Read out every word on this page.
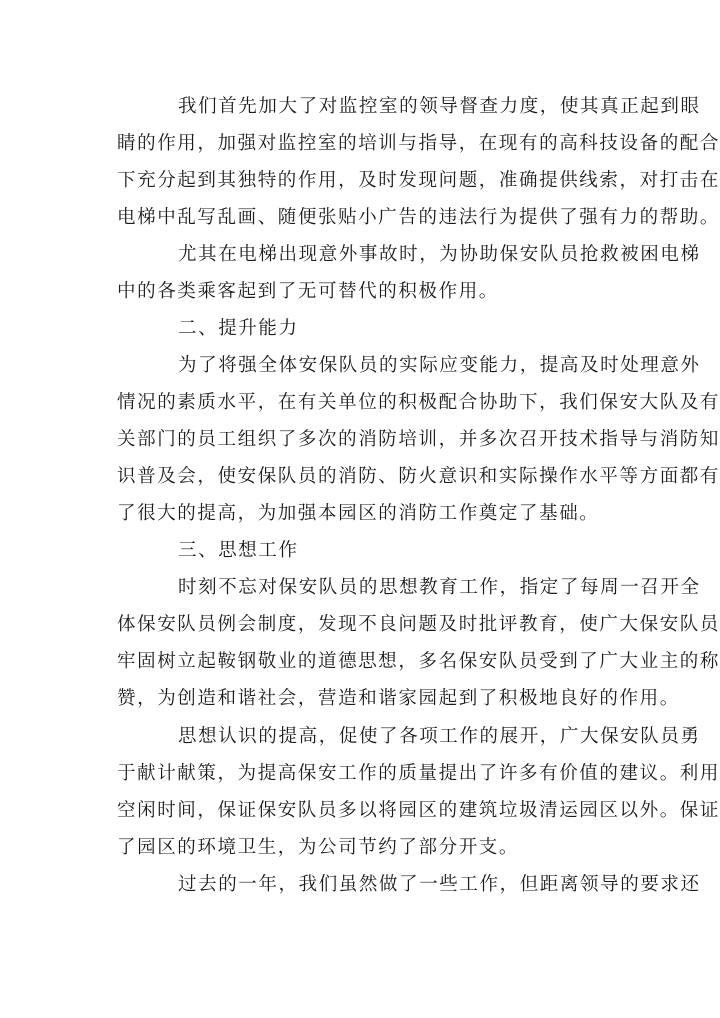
我们首先加大了对监控室的领导督查力度，使其真正起到眼

睛的作用，加强对监控室的培训与指导，在现有的高科技设备的配合

下充分起到其独特的作用，及时发现问题，准确提供线索，对打击在

电梯中乱写乱画、随便张贴小广告的违法行为提供了强有力的帮助。

尤其在电梯出现意外事故时，为协助保安队员抢救被困电梯

中的各类乘客起到了无可替代的积极作用。

二、提升能力

为了将强全体安保队员的实际应变能力，提高及时处理意外

情况的素质水平，在有关单位的积极配合协助下，我们保安大队及有

关部门的员工组织了多次的消防培训，并多次召开技术指导与消防知

识普及会，使安保队员的消防、防火意识和实际操作水平等方面都有

了很大的提高，为加强本园区的消防工作奠定了基础。

三、思想工作

时刻不忘对保安队员的思想教育工作，指定了每周一召开全

体保安队员例会制度，发现不良问题及时批评教育，使广大保安队员

牢固树立起鞍钢敬业的道德思想，多名保安队员受到了广大业主的称

赞，为创造和谐社会，营造和谐家园起到了积极地良好的作用。

思想认识的提高，促使了各项工作的展开，广大保安队员勇

于献计献策，为提高保安工作的质量提出了许多有价值的建议。利用

空闲时间，保证保安队员多以将园区的建筑垃圾清运园区以外。保证

了园区的环境卫生，为公司节约了部分开支。

过去的一年，我们虽然做了一些工作，但距离领导的要求还
